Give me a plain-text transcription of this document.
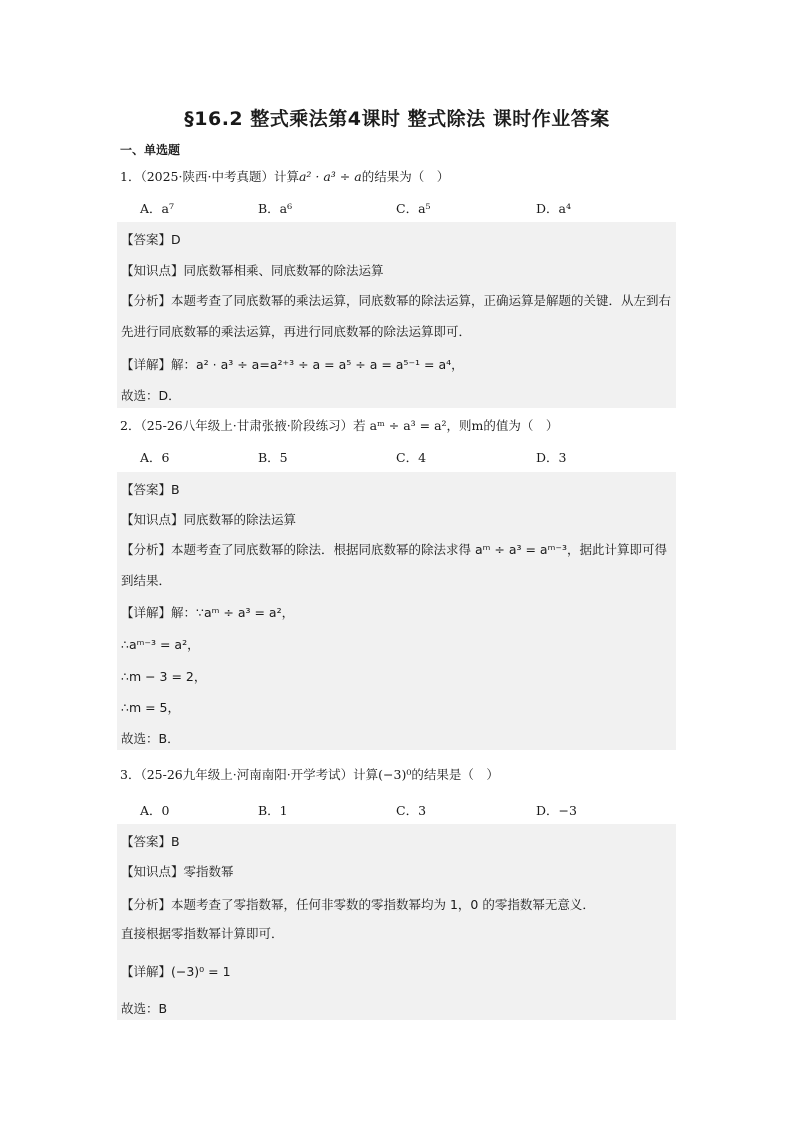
§16.2 整式乘法第4课时 整式除法 课时作业答案
一、单选题
1．（2025·陕西·中考真题）计算a² · a³ ÷ a的结果为（　）
A．a⁷	B．a⁶	C．a⁵	D．a⁴
【答案】D
【知识点】同底数幂相乘、同底数幂的除法运算
【分析】本题考查了同底数幂的乘法运算，同底数幂的除法运算，正确运算是解题的关键．从左到右先进行同底数幂的乘法运算，再进行同底数幂的除法运算即可．
【详解】解：a² · a³ ÷ a=a²⁺³ ÷ a = a⁵ ÷ a = a⁵⁻¹ = a⁴，
故选：D．
2．（25-26八年级上·甘肃张掖·阶段练习）若 aᵐ ÷ a³ = a²，则m的值为（　）
A．6	B．5	C．4	D．3
【答案】B
【知识点】同底数幂的除法运算
【分析】本题考查了同底数幂的除法．根据同底数幂的除法求得 aᵐ ÷ a³ = aᵐ⁻³，据此计算即可得到结果．
【详解】解：∵aᵐ ÷ a³ = a²，
∴aᵐ⁻³ = a²，
∴m − 3 = 2，
∴m = 5，
故选：B．
3．（25-26九年级上·河南南阳·开学考试）计算(−3)⁰的结果是（　）
A．0	B．1	C．3	D．−3
【答案】B
【知识点】零指数幂
【分析】本题考查了零指数幂，任何非零数的零指数幂均为 1，0 的零指数幂无意义．
直接根据零指数幂计算即可．
【详解】(−3)⁰ = 1
故选：B
